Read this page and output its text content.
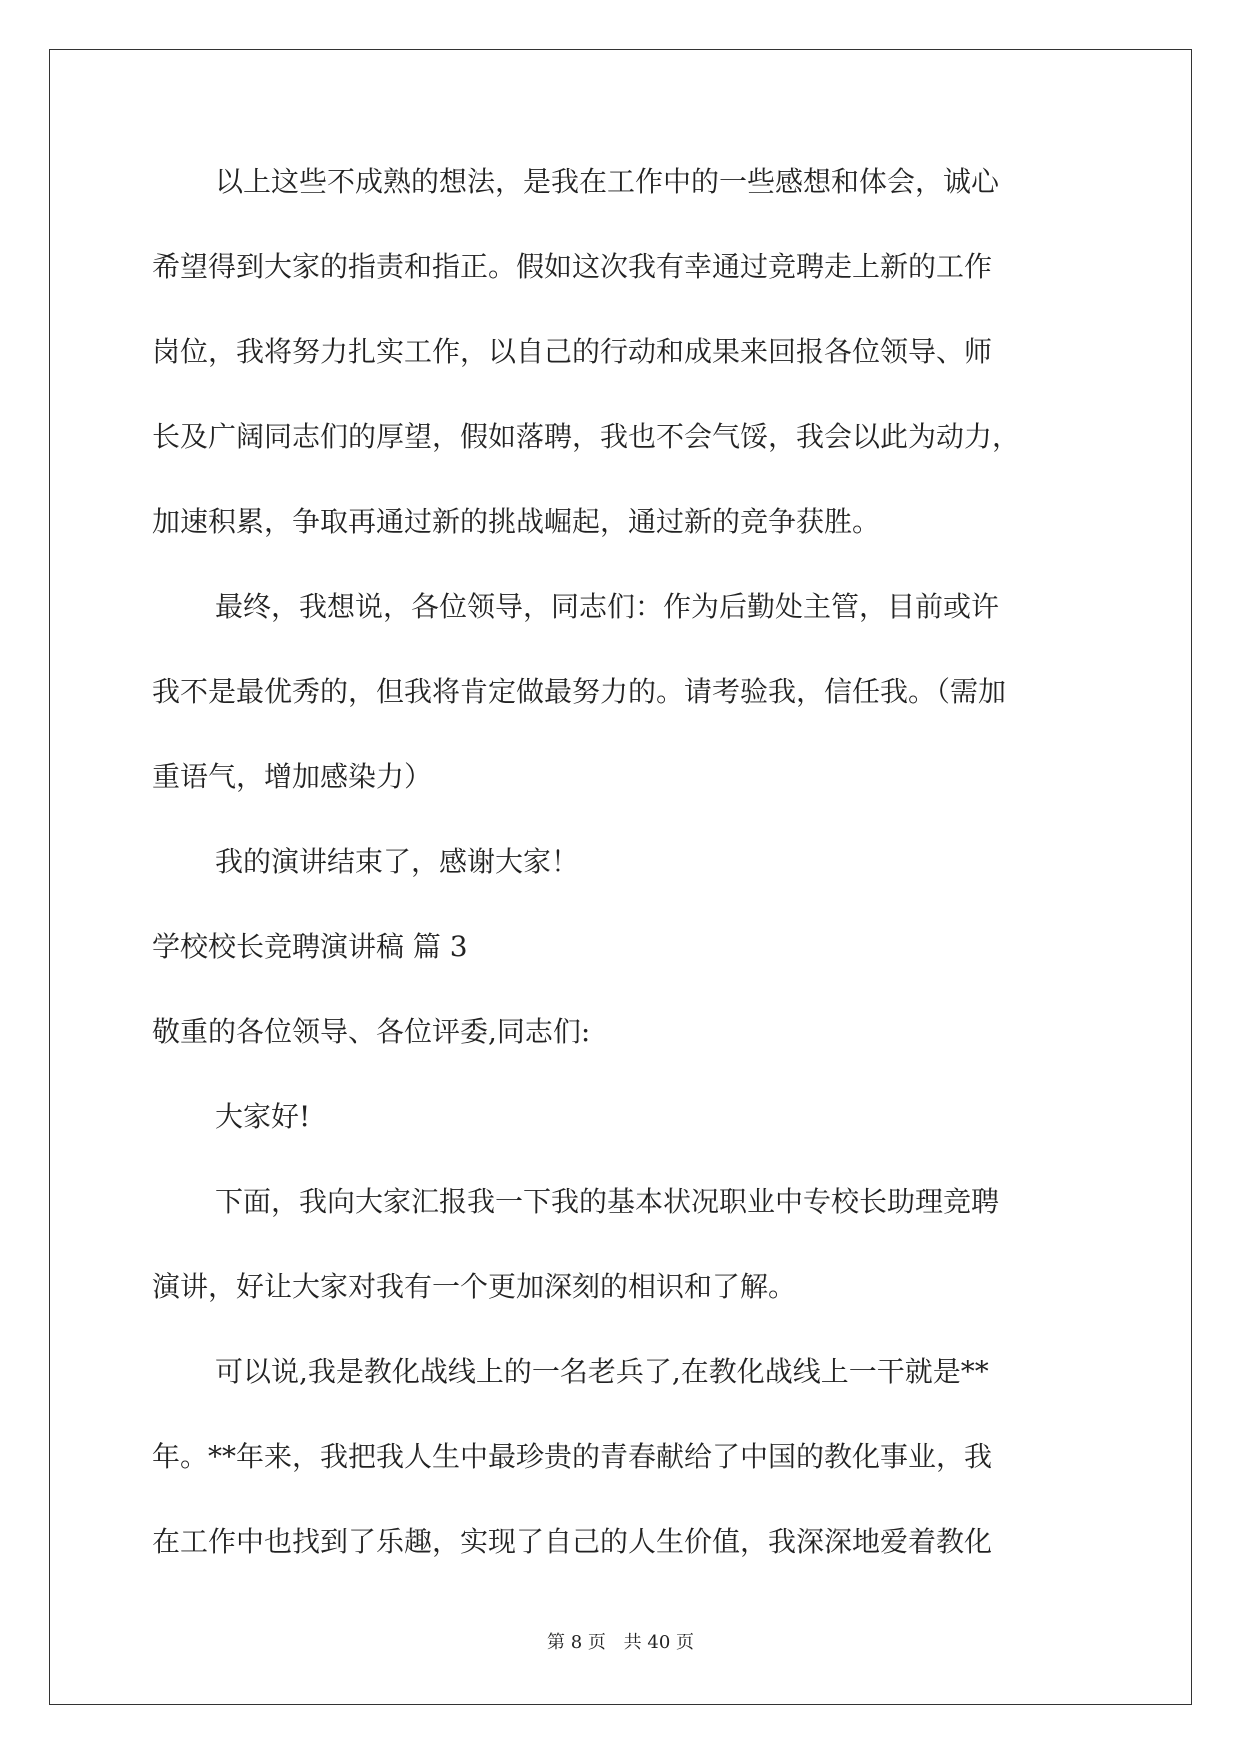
以上这些不成熟的想法，是我在工作中的一些感想和体会，诚心
希望得到大家的指责和指正。假如这次我有幸通过竞聘走上新的工作
岗位，我将努力扎实工作，以自己的行动和成果来回报各位领导、师
长及广阔同志们的厚望，假如落聘，我也不会气馁，我会以此为动力，
加速积累，争取再通过新的挑战崛起，通过新的竞争获胜。
最终，我想说，各位领导，同志们：作为后勤处主管，目前或许
我不是最优秀的，但我将肯定做最努力的。请考验我，信任我。（需加
重语气，增加感染力）
我的演讲结束了，感谢大家！
学校校长竞聘演讲稿 篇 3
敬重的各位领导、各位评委,同志们:
大家好!
下面，我向大家汇报我一下我的基本状况职业中专校长助理竞聘
演讲，好让大家对我有一个更加深刻的相识和了解。
可以说,我是教化战线上的一名老兵了,在教化战线上一干就是**
年。**年来，我把我人生中最珍贵的青春献给了中国的教化事业，我
在工作中也找到了乐趣，实现了自己的人生价值，我深深地爱着教化
第 8 页 共 40 页
